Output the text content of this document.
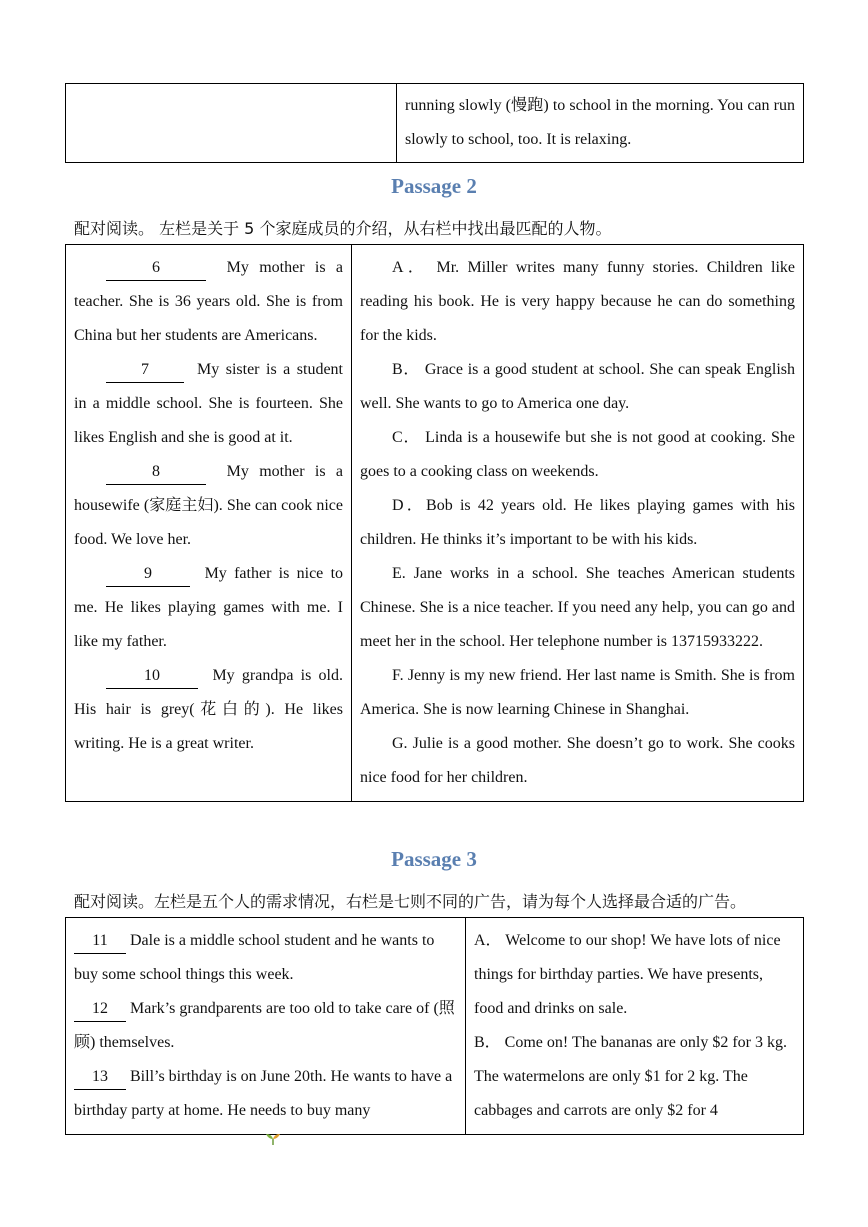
	running slowly (慢跑) to school in the morning. You can run slowly to school, too. It is relaxing.
Passage 2
配对阅读。 左栏是关于 5 个家庭成员的介绍，从右栏中找出最匹配的人物。
6	My mother is a teacher. She is 36 years old. She is from China but her students are Americans.
7	My sister is a student in a middle school. She is fourteen. She likes English and she is good at it.
8	My mother is a housewife (家庭主妇). She can cook nice food. We love her.
9	My father is nice to me. He likes playing games with me. I like my father.
10	My grandpa is old. His hair is grey(花白的). He likes writing. He is a great writer.

A． Mr. Miller writes many funny stories. Children like reading his book. He is very happy because he can do something for the kids.
B． Grace is a good student at school. She can speak English well. She wants to go to America one day.
C． Linda is a housewife but she is not good at cooking. She goes to a cooking class on weekends.
D．Bob is 42 years old. He likes playing games with his children. He thinks it’s important to be with his kids.
E. Jane works in a school. She teaches American students Chinese. She is a nice teacher. If you need any help, you can go and meet her in the school. Her telephone number is 13715933222.
F. Jenny is my new friend. Her last name is Smith. She is from America. She is now learning Chinese in Shanghai.
G. Julie is a good mother. She doesn’t go to work. She cooks nice food for her children.
Passage 3
配对阅读。左栏是五个人的需求情况，右栏是七则不同的广告，请为每个人选择最合适的广告。
11 Dale is a middle school student and he wants to buy some school things this week.
12 Mark’s grandparents are too old to take care of (照顾) themselves.
13 Bill’s birthday is on June 20th. He wants to have a birthday party at home. He needs to buy many

A． Welcome to our shop! We have lots of nice things for birthday parties. We have presents, food and drinks on sale.
B． Come on! The bananas are only $2 for 3 kg. The watermelons are only $1 for 2 kg. The cabbages and carrots are only $2 for 4
